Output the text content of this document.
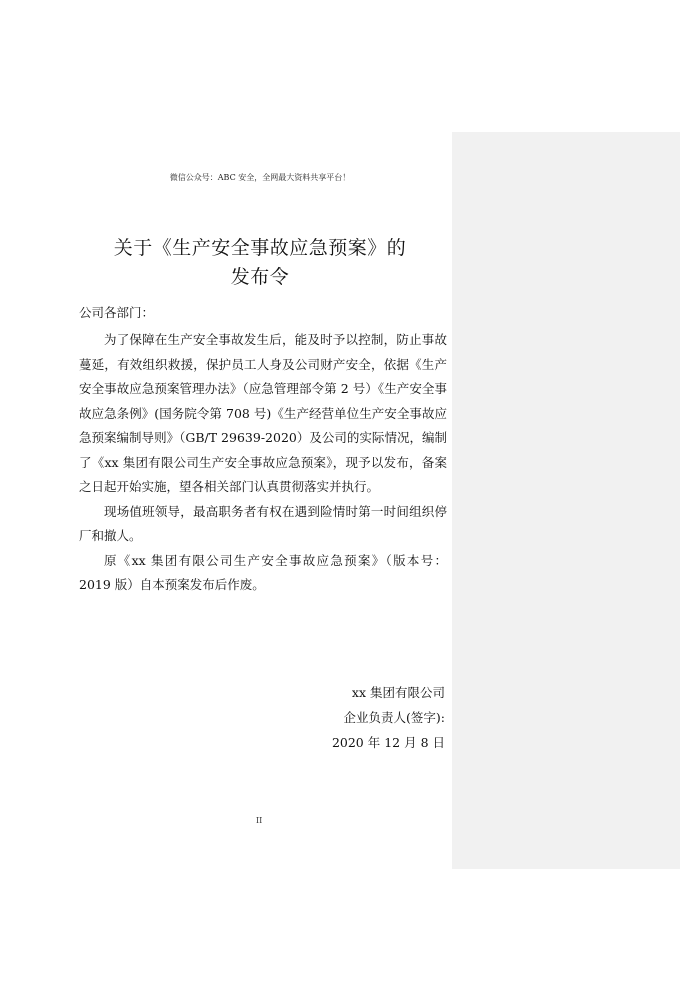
微信公众号：ABC 安全，全网最大资料共享平台！
关于《生产安全事故应急预案》的
发布令
公司各部门：

为了保障在生产安全事故发生后，能及时予以控制，防止事故蔓延，有效组织救援，保护员工人身及公司财产安全，依据《生产安全事故应急预案管理办法》（应急管理部令第 2 号）《生产安全事故应急条例》(国务院令第 708 号)《生产经营单位生产安全事故应急预案编制导则》（GB/T 29639-2020）及公司的实际情况，编制了《xx 集团有限公司生产安全事故应急预案》，现予以发布，备案之日起开始实施，望各相关部门认真贯彻落实并执行。

现场值班领导，最高职务者有权在遇到险情时第一时间组织停厂和撤人。

原《xx 集团有限公司生产安全事故应急预案》（版本号：2019 版）自本预案发布后作废。

xx 集团有限公司
企业负责人(签字):
2020 年 12 月 8 日
II
